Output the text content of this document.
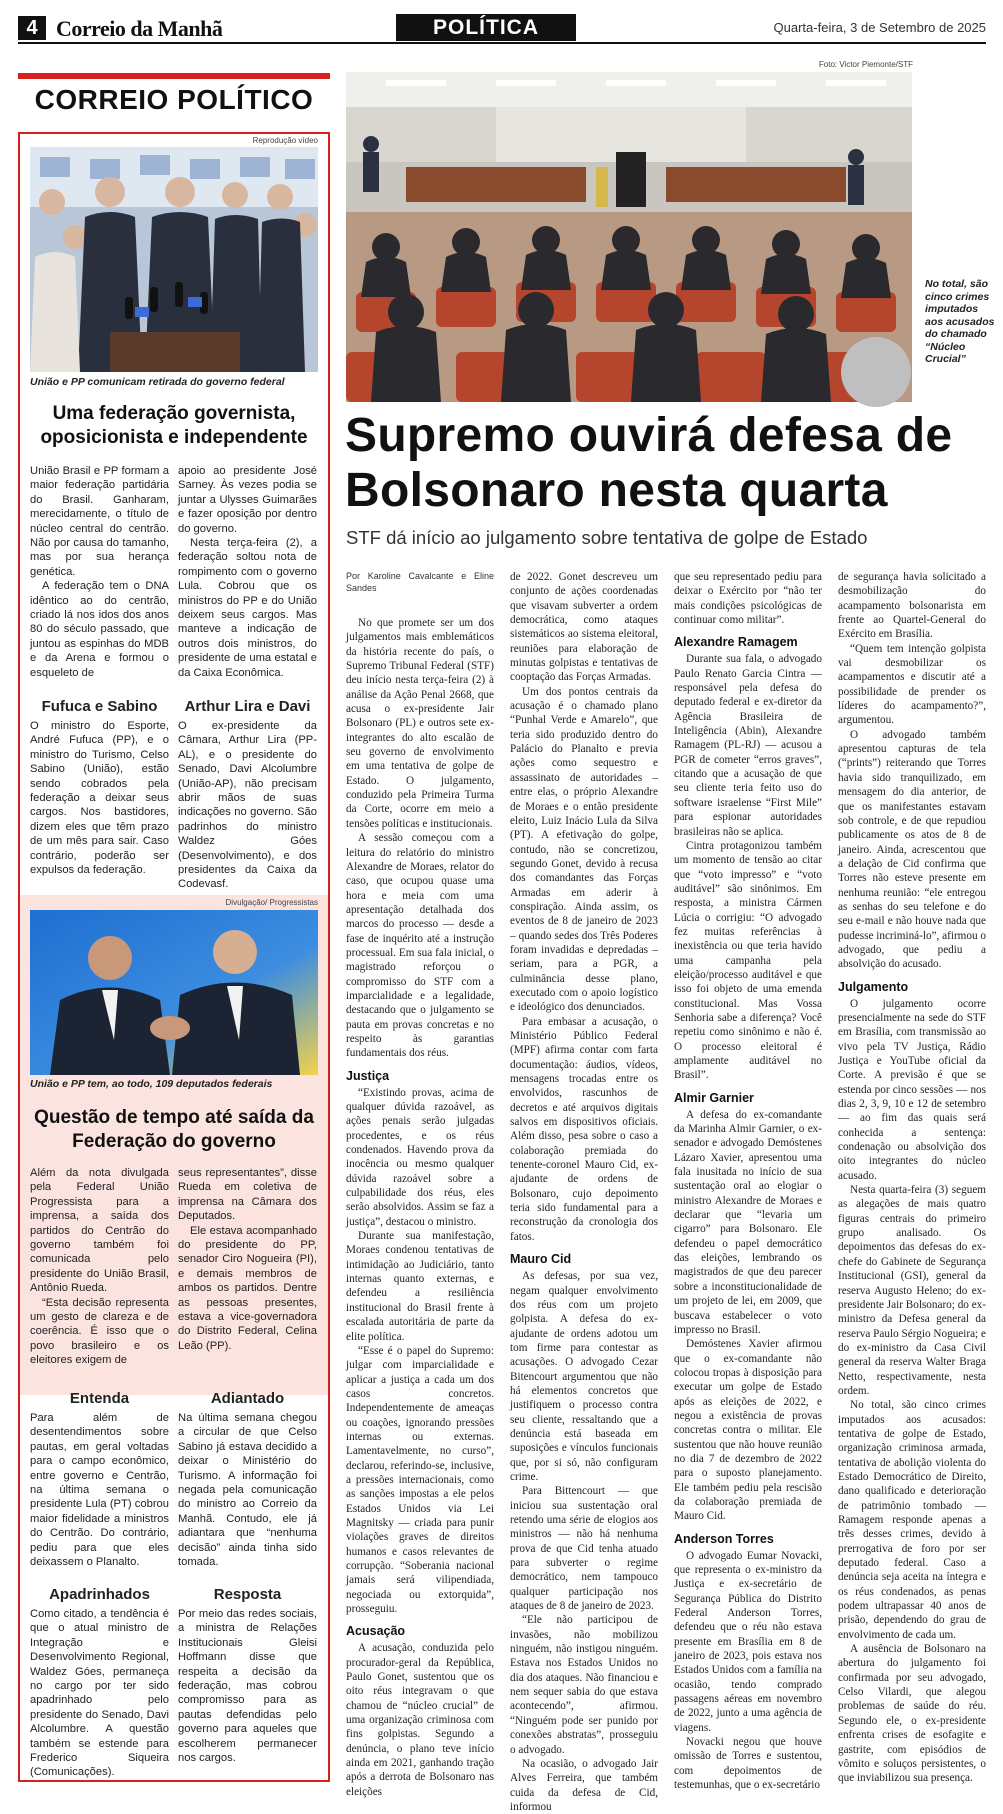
4 Correio da Manhã	POLÍTICA	Quarta-feira, 3 de Setembro de 2025
CORREIO POLÍTICO
Reprodução vídeo
União e PP comunicam retirada do governo federal
Uma federação governista, oposicionista e independente

União Brasil e PP formam a maior federação partidária do Brasil. Ganharam, merecidamente, o título de núcleo central do centrão. Não por causa do tamanho, mas por sua herança genética.

A federação tem o DNA idêntico ao do centrão, criado lá nos idos dos anos 80 do século passado, que juntou as espinhas do MDB e da Arena e formou o esqueleto de

apoio ao presidente José Sarney. Às vezes podia se juntar a Ulysses Guimarães e fazer oposição por dentro do governo.

Nesta terça-feira (2), a federação soltou nota de rompimento com o governo Lula. Cobrou que os ministros do PP e do União deixem seus cargos. Mas manteve a indicação de outros dois ministros, do presidente de uma estatal e da Caixa Econômica.

Fufuca e Sabino

O ministro do Esporte, André Fufuca (PP), e o ministro do Turismo, Celso Sabino (União), estão sendo cobrados pela federação a deixar seus cargos. Nos bastidores, dizem eles que têm prazo de um mês para sair. Caso contrário, poderão ser expulsos da federação.

Arthur Lira e Davi

O ex-presidente da Câmara, Arthur Lira (PP-AL), e o presidente do Senado, Davi Alcolumbre (União-AP), não precisam abrir mãos de suas indicações no governo. São padrinhos do ministro Waldez Góes (Desenvolvimento), e dos presidentes da Caixa da Codevasf.

Divulgação/ Progressistas
União e PP tem, ao todo, 109 deputados federais
Questão de tempo até saída da Federação do governo

Além da nota divulgada pela Federal União Progressista para a imprensa, a saída dos partidos do Centrão do governo também foi comunicada pelo presidente do União Brasil, Antônio Rueda.

“Esta decisão representa um gesto de clareza e de coerência. É isso que o povo brasileiro e os eleitores exigem de

seus representantes”, disse Rueda em coletiva de imprensa na Câmara dos Deputados.

Ele estava acompanhado do presidente do PP, senador Ciro Nogueira (PI), e demais membros de ambos os partidos. Dentre as pessoas presentes, estava a vice-governadora do Distrito Federal, Celina Leão (PP).

Entenda

Para além de desentendimentos sobre pautas, em geral voltadas para o campo econômico, entre governo e Centrão, na última semana o presidente Lula (PT) cobrou maior fidelidade a ministros do Centrão. Do contrário, pediu para que eles deixassem o Planalto.

Adiantado

Na última semana chegou a circular de que Celso Sabino já estava decidido a deixar o Ministério do Turismo. A informação foi negada pela comunicação do ministro ao Correio da Manhã. Contudo, ele já adiantara que “nenhuma decisão” ainda tinha sido tomada.

Apadrinhados

Como citado, a tendência é que o atual ministro de Integração e Desenvolvimento Regional, Waldez Góes, permaneça no cargo por ter sido apadrinhado pelo presidente do Senado, Davi Alcolumbre. A questão também se estende para Frederico Siqueira (Comunicações).

Resposta

Por meio das redes sociais, a ministra de Relações Institucionais Gleisi Hoffmann disse que respeita a decisão da federação, mas cobrou compromisso para as pautas defendidas pelo governo para aqueles que escolherem permanecer nos cargos.

Foto: Victor Piemonte/STF
No total, são cinco crimes imputados aos acusados do chamado “Núcleo Crucial”
Supremo ouvirá defesa de Bolsonaro nesta quarta
STF dá início ao julgamento sobre tentativa de golpe de Estado

Por Karoline Cavalcante e Eline Sandes

No que promete ser um dos julgamentos mais emblemáticos da história recente do país, o Supremo Tribunal Federal (STF) deu início nesta terça-feira (2) à análise da Ação Penal 2668, que acusa o ex-presidente Jair Bolsonaro (PL) e outros sete ex-integrantes do alto escalão de seu governo de envolvimento em uma tentativa de golpe de Estado. O julgamento, conduzido pela Primeira Turma da Corte, ocorre em meio a tensões políticas e institucionais.

A sessão começou com a leitura do relatório do ministro Alexandre de Moraes, relator do caso, que ocupou quase uma hora e meia com uma apresentação detalhada dos marcos do processo — desde a fase de inquérito até a instrução processual. Em sua fala inicial, o magistrado reforçou o compromisso do STF com a imparcialidade e a legalidade, destacando que o julgamento se pauta em provas concretas e no respeito às garantias fundamentais dos réus.

Justiça

“Existindo provas, acima de qualquer dúvida razoável, as ações penais serão julgadas procedentes, e os réus condenados. Havendo prova da inocência ou mesmo qualquer dúvida razoável sobre a culpabilidade dos réus, eles serão absolvidos. Assim se faz a justiça”, destacou o ministro.

Durante sua manifestação, Moraes condenou tentativas de intimidação ao Judiciário, tanto internas quanto externas, e defendeu a resiliência institucional do Brasil frente à escalada autoritária de parte da elite política.

“Esse é o papel do Supremo: julgar com imparcialidade e aplicar a justiça a cada um dos casos concretos. Independentemente de ameaças ou coações, ignorando pressões internas ou externas. Lamentavelmente, no curso”, declarou, referindo-se, inclusive, a pressões internacionais, como as sanções impostas a ele pelos Estados Unidos via Lei Magnitsky — criada para punir violações graves de direitos humanos e casos relevantes de corrupção. “Soberania nacional jamais será vilipendiada, negociada ou extorquida”, prosseguiu.

Acusação

A acusação, conduzida pelo procurador-geral da República, Paulo Gonet, sustentou que os oito réus integravam o que chamou de “núcleo crucial” de uma organização criminosa com fins golpistas. Segundo a denúncia, o plano teve início ainda em 2021, ganhando tração após a derrota de Bolsonaro nas eleições

de 2022. Gonet descreveu um conjunto de ações coordenadas que visavam subverter a ordem democrática, como ataques sistemáticos ao sistema eleitoral, reuniões para elaboração de minutas golpistas e tentativas de cooptação das Forças Armadas.

Um dos pontos centrais da acusação é o chamado plano “Punhal Verde e Amarelo”, que teria sido produzido dentro do Palácio do Planalto e previa ações como sequestro e assassinato de autoridades – entre elas, o próprio Alexandre de Moraes e o então presidente eleito, Luiz Inácio Lula da Silva (PT). A efetivação do golpe, contudo, não se concretizou, segundo Gonet, devido à recusa dos comandantes das Forças Armadas em aderir à conspiração. Ainda assim, os eventos de 8 de janeiro de 2023 – quando sedes dos Três Poderes foram invadidas e depredadas – seriam, para a PGR, a culminância desse plano, executado com o apoio logístico e ideológico dos denunciados.

Para embasar a acusação, o Ministério Público Federal (MPF) afirma contar com farta documentação: áudios, vídeos, mensagens trocadas entre os envolvidos, rascunhos de decretos e até arquivos digitais salvos em dispositivos oficiais. Além disso, pesa sobre o caso a colaboração premiada do tenente-coronel Mauro Cid, ex-ajudante de ordens de Bolsonaro, cujo depoimento teria sido fundamental para a reconstrução da cronologia dos fatos.

Mauro Cid

As defesas, por sua vez, negam qualquer envolvimento dos réus com um projeto golpista. A defesa do ex-ajudante de ordens adotou um tom firme para contestar as acusações. O advogado Cezar Bitencourt argumentou que não há elementos concretos que justifiquem o processo contra seu cliente, ressaltando que a denúncia está baseada em suposições e vínculos funcionais que, por si só, não configuram crime.

Para Bittencourt — que iniciou sua sustentação oral retendo uma série de elogios aos ministros — não há nenhuma prova de que Cid tenha atuado para subverter o regime democrático, nem tampouco qualquer participação nos ataques de 8 de janeiro de 2023.

“Ele não participou de invasões, não mobilizou ninguém, não instigou ninguém. Estava nos Estados Unidos no dia dos ataques. Não financiou e nem sequer sabia do que estava acontecendo”, afirmou. “Ninguém pode ser punido por conexões abstratas”, prosseguiu o advogado.

Na ocasião, o advogado Jair Alves Ferreira, que também cuida da defesa de Cid, informou

que seu representado pediu para deixar o Exército por “não ter mais condições psicológicas de continuar como militar”.

Alexandre Ramagem

Durante sua fala, o advogado Paulo Renato Garcia Cintra — responsável pela defesa do deputado federal e ex-diretor da Agência Brasileira de Inteligência (Abin), Alexandre Ramagem (PL-RJ) — acusou a PGR de cometer “erros graves”, citando que a acusação de que seu cliente teria feito uso do software israelense “First Mile” para espionar autoridades brasileiras não se aplica.

Cintra protagonizou também um momento de tensão ao citar que “voto impresso” e “voto auditável” são sinônimos. Em resposta, a ministra Cármen Lúcia o corrigiu: “O advogado fez muitas referências à inexistência ou que teria havido uma campanha pela eleição/processo auditável e que isso foi objeto de uma emenda constitucional. Mas Vossa Senhoria sabe a diferença? Você repetiu como sinônimo e não é. O processo eleitoral é amplamente auditável no Brasil”.

Almir Garnier

A defesa do ex-comandante da Marinha Almir Garnier, o ex-senador e advogado Demóstenes Lázaro Xavier, apresentou uma fala inusitada no início de sua sustentação oral ao elogiar o ministro Alexandre de Moraes e declarar que “levaria um cigarro” para Bolsonaro. Ele defendeu o papel democrático das eleições, lembrando os magistrados de que deu parecer sobre a inconstitucionalidade de um projeto de lei, em 2009, que buscava estabelecer o voto impresso no Brasil.

Demóstenes Xavier afirmou que o ex-comandante não colocou tropas à disposição para executar um golpe de Estado após as eleições de 2022, e negou a existência de provas concretas contra o militar. Ele sustentou que não houve reunião no dia 7 de dezembro de 2022 para o suposto planejamento. Ele também pediu pela rescisão da colaboração premiada de Mauro Cid.

Anderson Torres

O advogado Eumar Novacki, que representa o ex-ministro da Justiça e ex-secretário de Segurança Pública do Distrito Federal Anderson Torres, defendeu que o réu não estava presente em Brasília em 8 de janeiro de 2023, pois estava nos Estados Unidos com a família na ocasião, tendo comprado passagens aéreas em novembro de 2022, junto a uma agência de viagens.

Novacki negou que houve omissão de Torres e sustentou, com depoimentos de testemunhas, que o ex-secretário

de segurança havia solicitado a desmobilização do acampamento bolsonarista em frente ao Quartel-General do Exército em Brasília.

“Quem tem intenção golpista vai desmobilizar os acampamentos e discutir até a possibilidade de prender os líderes do acampamento?”, argumentou.

O advogado também apresentou capturas de tela (“prints”) reiterando que Torres havia sido tranquilizado, em mensagem do dia anterior, de que os manifestantes estavam sob controle, e de que repudiou publicamente os atos de 8 de janeiro. Ainda, acrescentou que a delação de Cid confirma que Torres não esteve presente em nenhuma reunião: “ele entregou as senhas do seu telefone e do seu e-mail e não houve nada que pudesse incriminá-lo”, afirmou o advogado, que pediu a absolvição do acusado.

Julgamento

O julgamento ocorre presencialmente na sede do STF em Brasília, com transmissão ao vivo pela TV Justiça, Rádio Justiça e YouTube oficial da Corte. A previsão é que se estenda por cinco sessões — nos dias 2, 3, 9, 10 e 12 de setembro — ao fim das quais será conhecida a sentença: condenação ou absolvição dos oito integrantes do núcleo acusado.

Nesta quarta-feira (3) seguem as alegações de mais quatro figuras centrais do primeiro grupo analisado. Os depoimentos das defesas do ex-chefe do Gabinete de Segurança Institucional (GSI), general da reserva Augusto Heleno; do ex-presidente Jair Bolsonaro; do ex-ministro da Defesa general da reserva Paulo Sérgio Nogueira; e do ex-ministro da Casa Civil general da reserva Walter Braga Netto, respectivamente, nesta ordem.

No total, são cinco crimes imputados aos acusados: tentativa de golpe de Estado, organização criminosa armada, tentativa de abolição violenta do Estado Democrático de Direito, dano qualificado e deterioração de patrimônio tombado — Ramagem responde apenas a três desses crimes, devido à prerrogativa de foro por ser deputado federal. Caso a denúncia seja aceita na íntegra e os réus condenados, as penas podem ultrapassar 40 anos de prisão, dependendo do grau de envolvimento de cada um.

A ausência de Bolsonaro na abertura do julgamento foi confirmada por seu advogado, Celso Vilardi, que alegou problemas de saúde do réu. Segundo ele, o ex-presidente enfrenta crises de esofagite e gastrite, com episódios de vômito e soluços persistentes, o que inviabilizou sua presença.
